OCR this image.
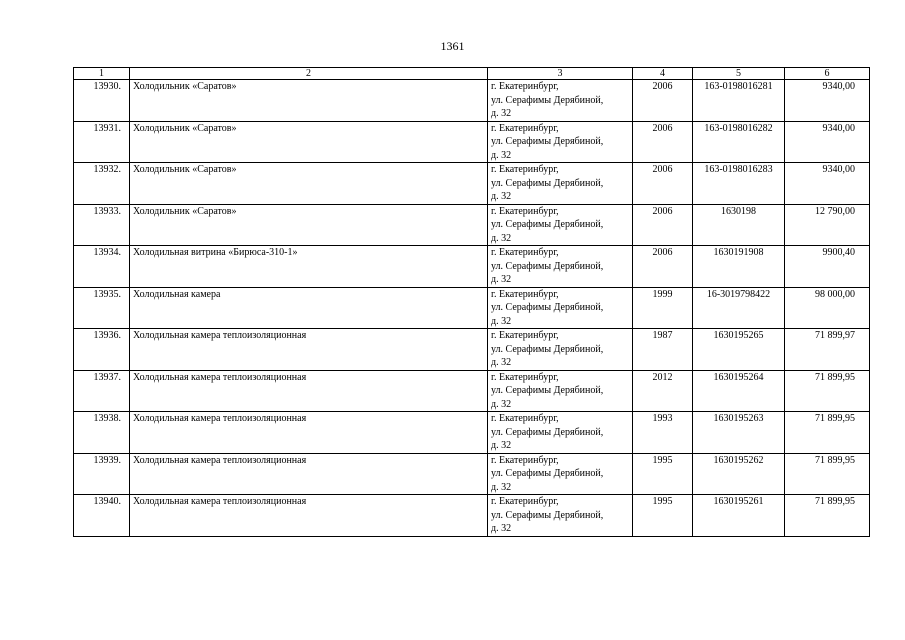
1361
1	2	3	4	5	6
13930.	Холодильник «Саратов»	г. Екатеринбург,
ул. Серафимы Дерябиной,
д. 32	2006	163-0198016281	9340,00
13931.	Холодильник «Саратов»	г. Екатеринбург,
ул. Серафимы Дерябиной,
д. 32	2006	163-0198016282	9340,00
13932.	Холодильник «Саратов»	г. Екатеринбург,
ул. Серафимы Дерябиной,
д. 32	2006	163-0198016283	9340,00
13933.	Холодильник «Саратов»	г. Екатеринбург,
ул. Серафимы Дерябиной,
д. 32	2006	1630198	12 790,00
13934.	Холодильная витрина «Бирюса-310-1»	г. Екатеринбург,
ул. Серафимы Дерябиной,
д. 32	2006	1630191908	9900,40
13935.	Холодильная камера	г. Екатеринбург,
ул. Серафимы Дерябиной,
д. 32	1999	16-3019798422	98 000,00
13936.	Холодильная камера теплоизоляционная	г. Екатеринбург,
ул. Серафимы Дерябиной,
д. 32	1987	1630195265	71 899,97
13937.	Холодильная камера теплоизоляционная	г. Екатеринбург,
ул. Серафимы Дерябиной,
д. 32	2012	1630195264	71 899,95
13938.	Холодильная камера теплоизоляционная	г. Екатеринбург,
ул. Серафимы Дерябиной,
д. 32	1993	1630195263	71 899,95
13939.	Холодильная камера теплоизоляционная	г. Екатеринбург,
ул. Серафимы Дерябиной,
д. 32	1995	1630195262	71 899,95
13940.	Холодильная камера теплоизоляционная	г. Екатеринбург,
ул. Серафимы Дерябиной,
д. 32	1995	1630195261	71 899,95
